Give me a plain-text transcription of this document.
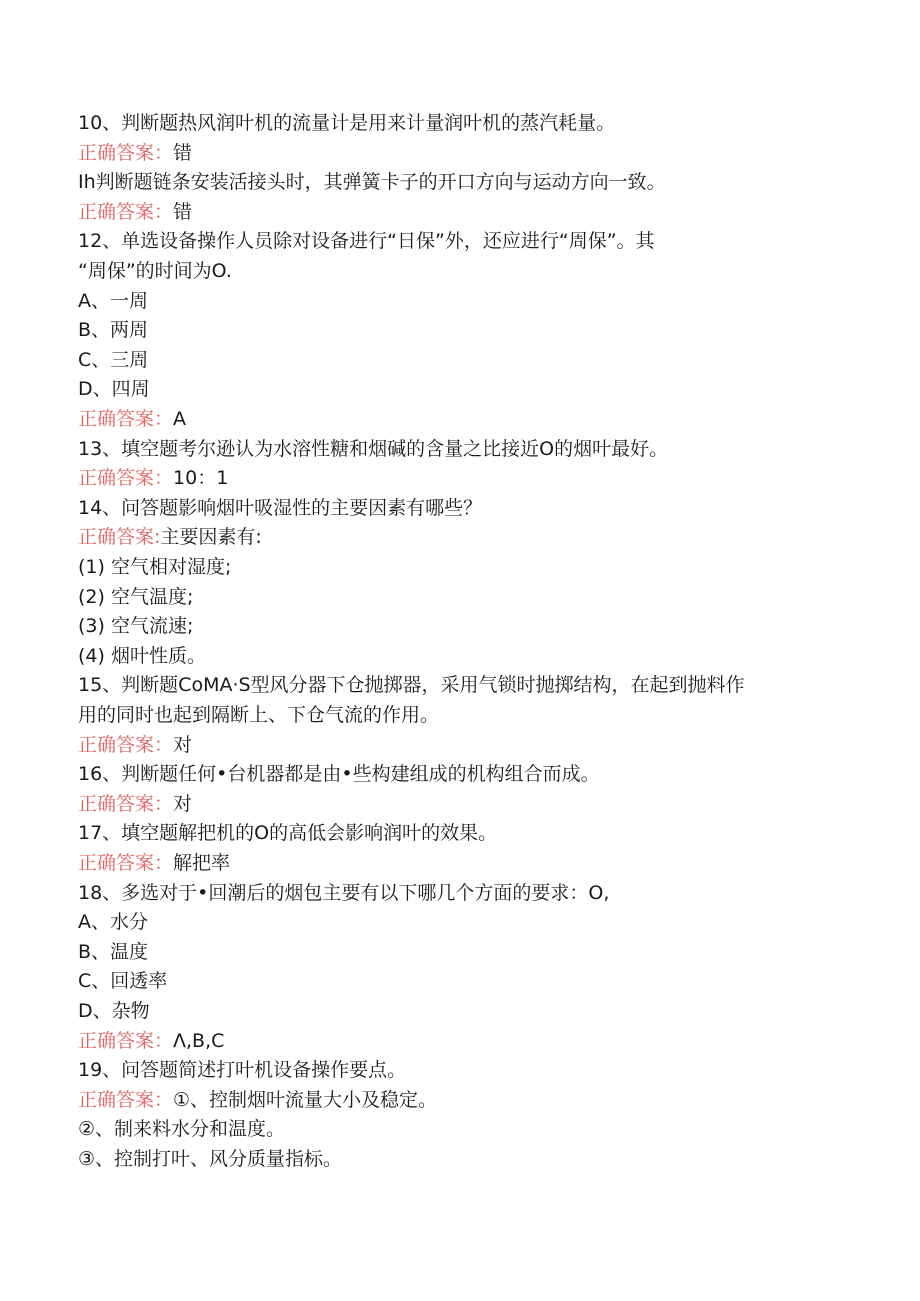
10、判断题热风润叶机的流量计是用来计量润叶机的蒸汽耗量。
正确答案：错
Ih判断题链条安装活接头时，其弹簧卡子的开口方向与运动方向一致。
正确答案：错
12、单选设备操作人员除对设备进行“日保”外，还应进行“周保”。其
“周保”的时间为O.
A、一周
B、两周
C、三周
D、四周
正确答案：A
13、填空题考尔逊认为水溶性糖和烟碱的含量之比接近O的烟叶最好。
正确答案：10：1
14、问答题影响烟叶吸湿性的主要因素有哪些？
正确答案:主要因素有:
(1) 空气相对湿度;
(2) 空气温度;
(3) 空气流速;
(4) 烟叶性质。
15、判断题CoMA·S型风分器下仓抛掷器，采用气锁时抛掷结构，在起到抛料作
用的同时也起到隔断上、下仓气流的作用。
正确答案：对
16、判断题任何•台机器都是由•些构建组成的机构组合而成。
正确答案：对
17、填空题解把机的O的高低会影响润叶的效果。
正确答案：解把率
18、多选对于•回潮后的烟包主要有以下哪几个方面的要求：O,
A、水分
B、温度
C、回透率
D、杂物
正确答案：Λ,B,C
19、问答题简述打叶机设备操作要点。
正确答案：①、控制烟叶流量大小及稳定。
②、制来料水分和温度。
③、控制打叶、风分质量指标。
